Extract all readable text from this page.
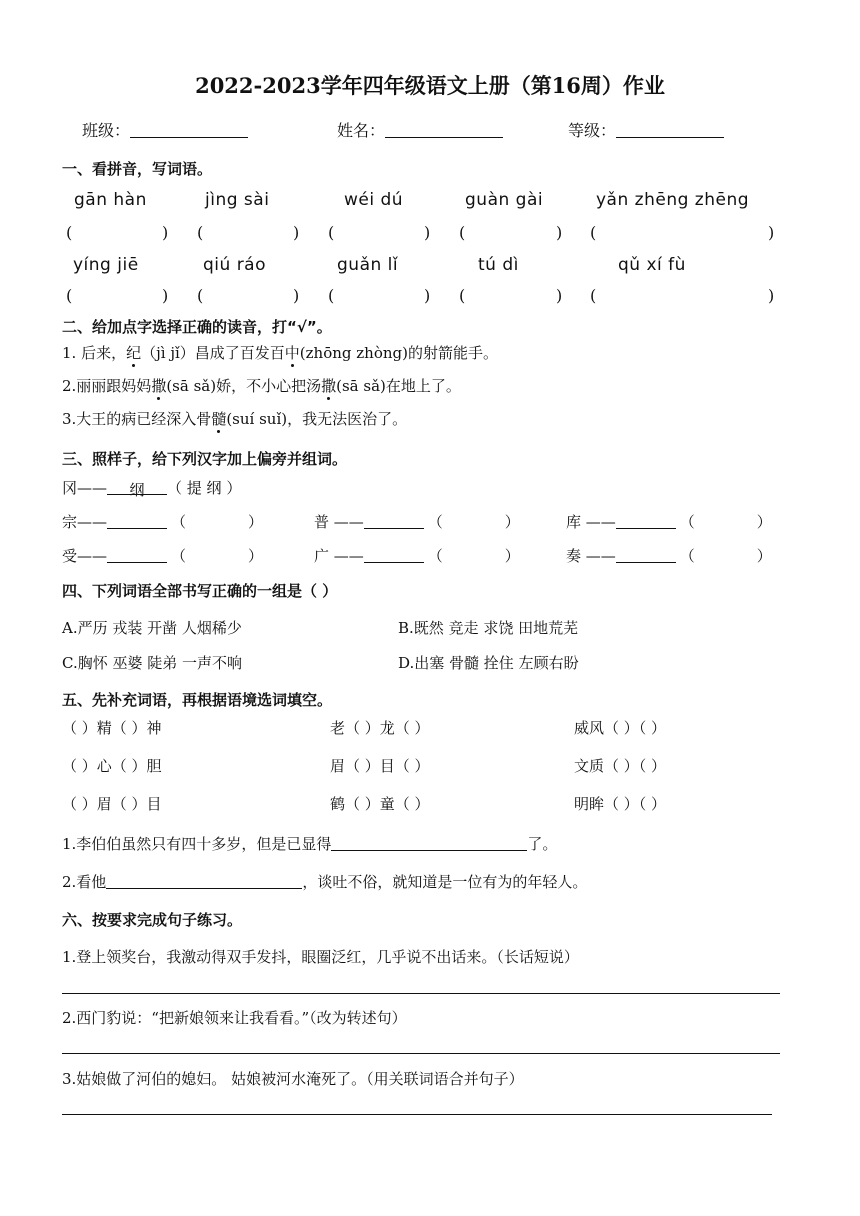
2022-2023学年四年级语文上册（第16周）作业
班级：	姓名：	等级：
一、看拼音，写词语。
gān hàn	jìng sài	wéi dú	guàn gài	yǎn zhēng zhēng
(	) (	) (	) (	) (	)
yíng jiē	qiú ráo	guǎn lǐ	tú dì	qǔ xí fù
(	) (	) (	) (	) (	)
二、给加点字选择正确的读音，打“√”。
1. 后来，纪（jì jǐ）昌成了百发百中(zhōng zhòng)的射箭能手。
2.丽丽跟妈妈撒(sā sǎ)娇，不小心把汤撒(sā sǎ)在地上了。
3.大王的病已经深入骨髓(suí suǐ)，我无法医治了。
三、照样子，给下列汉字加上偏旁并组词。
冈—— 纲 （ 提 纲 ）
宗——	（	）	普 ——	（	）	库 ——	（	）
受——	（	）	广 ——	（	）	奏 ——	（	）
四、下列词语全部书写正确的一组是（ ）
A.严历 戎装 开凿 人烟稀少	B.既然 竞走 求饶 田地荒芜
C.胸怀 巫婆 陡弟 一声不响	D.出塞 骨髓 拴住 左顾右盼
五、先补充词语，再根据语境选词填空。
（ ）精（ ）神	老（ ）龙（ ）	威风（ ）（ ）
（ ）心（ ）胆	眉（ ）目（ ）	文质（ ）（ ）
（ ）眉（ ）目	鹤（ ）童（ ）	明眸（ ）（ ）
1.李伯伯虽然只有四十多岁，但是已显得	了。
2.看他	，谈吐不俗，就知道是一位有为的年轻人。
六、按要求完成句子练习。
1.登上领奖台，我激动得双手发抖，眼圈泛红，几乎说不出话来。（长话短说）
2.西门豹说：“把新娘领来让我看看。”（改为转述句）
3.姑娘做了河伯的媳妇。 姑娘被河水淹死了。（用关联词语合并句子）
